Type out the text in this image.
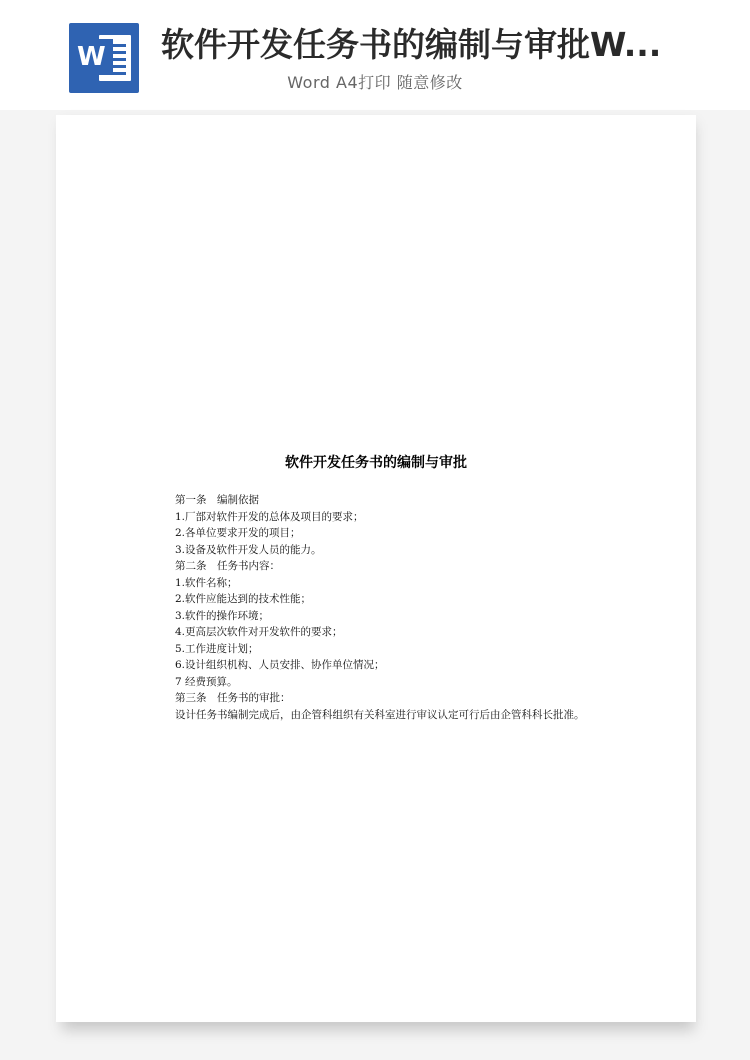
W 软件开发任务书的编制与审批W...
Word A4打印 随意修改
软件开发任务书的编制与审批
第一条　编制依据
1.厂部对软件开发的总体及项目的要求；
2.各单位要求开发的项目；
3.设备及软件开发人员的能力。
第二条　任务书内容：
1.软件名称；
2.软件应能达到的技术性能；
3.软件的操作环境；
4.更高层次软件对开发软件的要求；
5.工作进度计划；
6.设计组织机构、人员安排、协作单位情况；
7 经费预算。
第三条　任务书的审批：
设计任务书编制完成后，由企管科组织有关科室进行审议认定可行后由企管科科长批准。
